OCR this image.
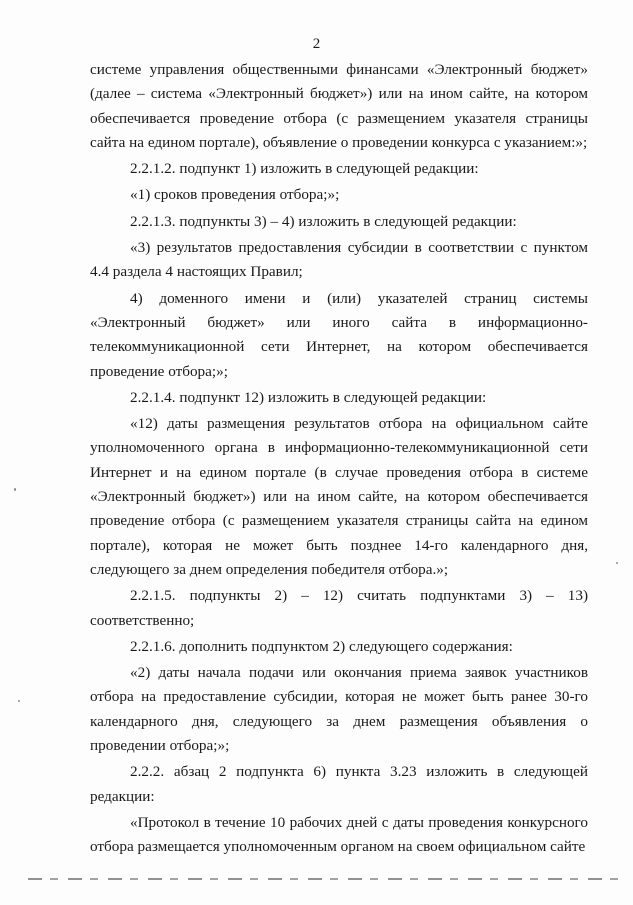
2

системе управления общественными финансами «Электронный бюджет» (далее – система «Электронный бюджет») или на ином сайте, на котором обеспечивается проведение отбора (с размещением указателя страницы сайта на едином портале), объявление о проведении конкурса с указанием:»;

2.2.1.2. подпункт 1) изложить в следующей редакции:

«1) сроков проведения отбора;»;

2.2.1.3. подпункты 3) – 4) изложить в следующей редакции:

«3) результатов предоставления субсидии в соответствии с пунктом 4.4 раздела 4 настоящих Правил;

4) доменного имени и (или) указателей страниц системы «Электронный бюджет» или иного сайта в информационно-телекоммуникационной сети Интернет, на котором обеспечивается проведение отбора;»;

2.2.1.4. подпункт 12) изложить в следующей редакции:

«12) даты размещения результатов отбора на официальном сайте уполномоченного органа в информационно-телекоммуникационной сети Интернет и на едином портале (в случае проведения отбора в системе «Электронный бюджет») или на ином сайте, на котором обеспечивается проведение отбора (с размещением указателя страницы сайта на едином портале), которая не может быть позднее 14-го календарного дня, следующего за днем определения победителя отбора.»;

2.2.1.5. подпункты 2) – 12) считать подпунктами 3) – 13) соответственно;

2.2.1.6. дополнить подпунктом 2) следующего содержания:

«2) даты начала подачи или окончания приема заявок участников отбора на предоставление субсидии, которая не может быть ранее 30-го календарного дня, следующего за днем размещения объявления о проведении отбора;»;

2.2.2. абзац 2 подпункта 6) пункта 3.23 изложить в следующей редакции:

«Протокол в течение 10 рабочих дней с даты проведения конкурсного отбора размещается уполномоченным органом на своем официальном сайте
